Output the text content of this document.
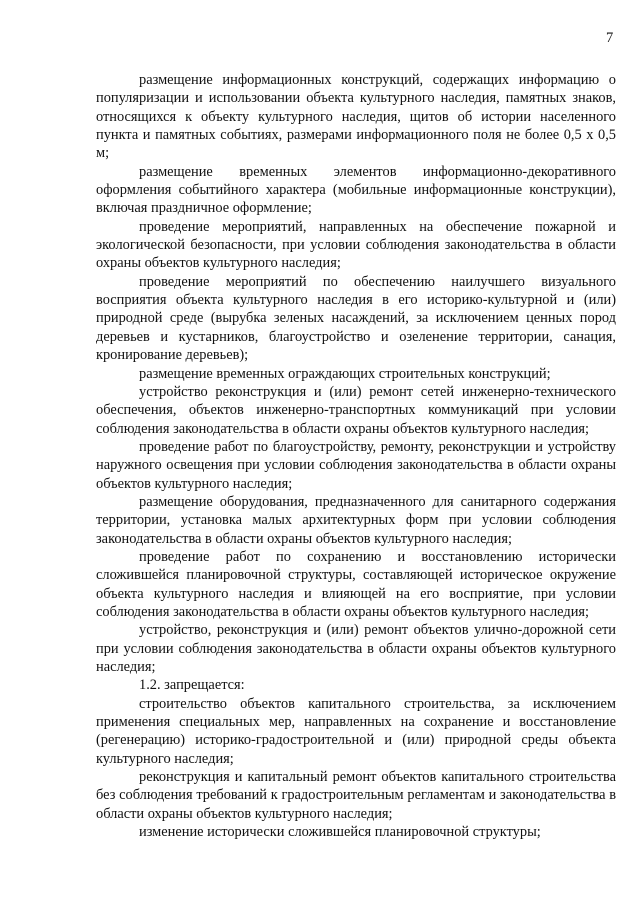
7

размещение информационных конструкций, содержащих информацию о популяризации и использовании объекта культурного наследия, памятных знаков, относящихся к объекту культурного наследия, щитов об истории населенного пункта и памятных событиях, размерами информационного поля не более 0,5 х 0,5 м;

размещение временных элементов информационно-декоративного оформления событийного характера (мобильные информационные конструкции), включая праздничное оформление;

проведение мероприятий, направленных на обеспечение пожарной и экологической безопасности, при условии соблюдения законодательства в области охраны объектов культурного наследия;

проведение мероприятий по обеспечению наилучшего визуального восприятия объекта культурного наследия в его историко-культурной и (или) природной среде (вырубка зеленых насаждений, за исключением ценных пород деревьев и кустарников, благоустройство и озеленение территории, санация, кронирование деревьев);

размещение временных ограждающих строительных конструкций;

устройство реконструкция и (или) ремонт сетей инженерно-технического обеспечения, объектов инженерно-транспортных коммуникаций при условии соблюдения законодательства в области охраны объектов культурного наследия;

проведение работ по благоустройству, ремонту, реконструкции и устройству наружного освещения при условии соблюдения законодательства в области охраны объектов культурного наследия;

размещение оборудования, предназначенного для санитарного содержания территории, установка малых архитектурных форм при условии соблюдения законодательства в области охраны объектов культурного наследия;

проведение работ по сохранению и восстановлению исторически сложившейся планировочной структуры, составляющей историческое окружение объекта культурного наследия и влияющей на его восприятие, при условии соблюдения законодательства в области охраны объектов культурного наследия;

устройство, реконструкция и (или) ремонт объектов улично-дорожной сети при условии соблюдения законодательства в области охраны объектов культурного наследия;

1.2. запрещается:

строительство объектов капитального строительства, за исключением применения специальных мер, направленных на сохранение и восстановление (регенерацию) историко-градостроительной и (или) природной среды объекта культурного наследия;

реконструкция и капитальный ремонт объектов капитального строительства без соблюдения требований к градостроительным регламентам и законодательства в области охраны объектов культурного наследия;

изменение исторически сложившейся планировочной структуры;
